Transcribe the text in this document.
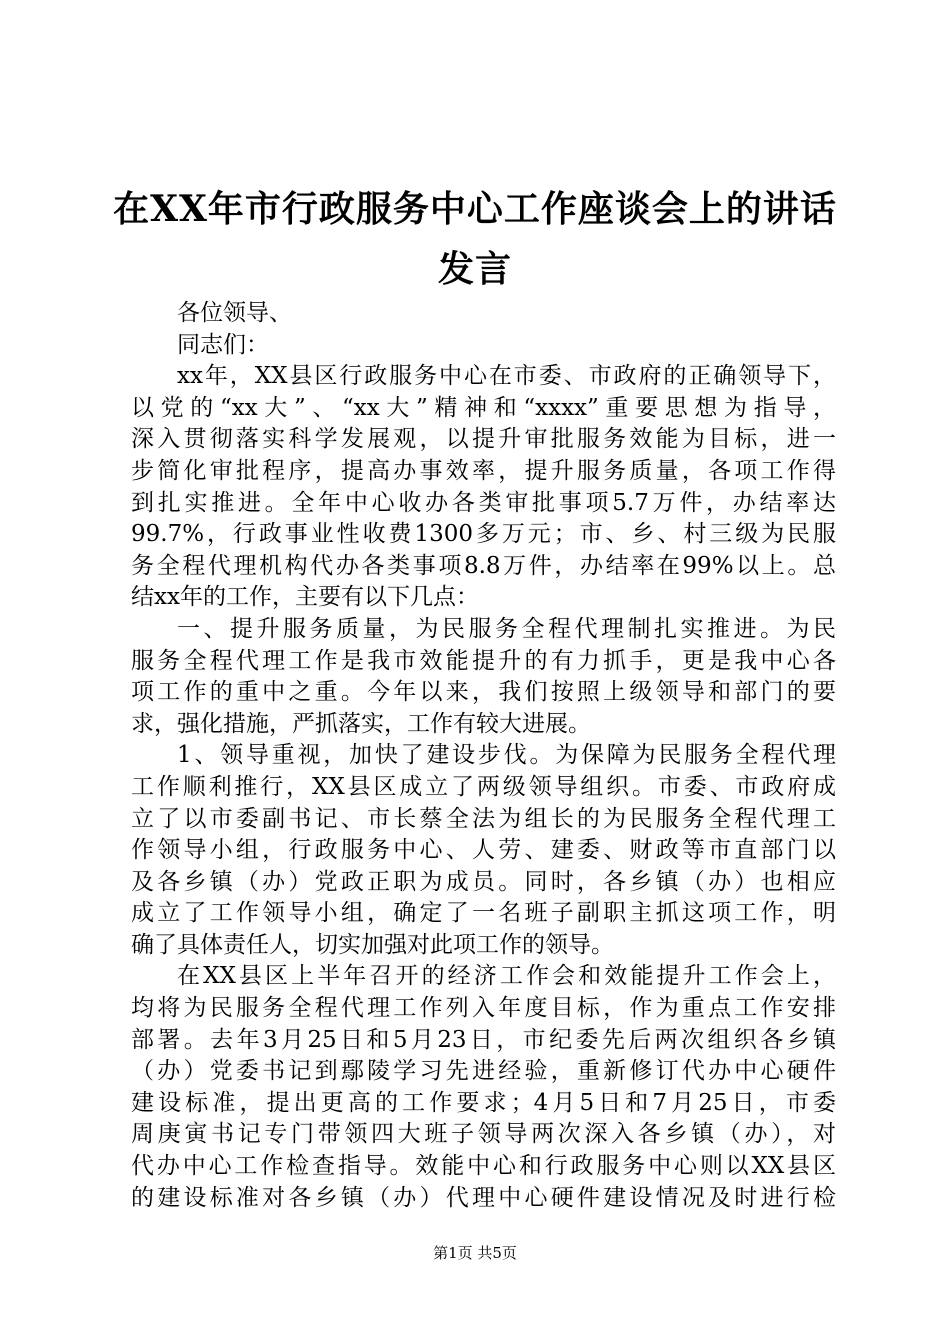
在XX年市行政服务中心工作座谈会上的讲话
发言
各位领导、
同志们：
xx年，XX县区行政服务中心在市委、市政府的正确领导下，
以党的“xx大”、“xx大”精神和“xxxx”重要思想为指导，
深入贯彻落实科学发展观，以提升审批服务效能为目标，进一
步简化审批程序，提高办事效率，提升服务质量，各项工作得
到扎实推进。全年中心收办各类审批事项5.7万件，办结率达
99.7%，行政事业性收费1300多万元；市、乡、村三级为民服
务全程代理机构代办各类事项8.8万件，办结率在99%以上。总
结xx年的工作，主要有以下几点：
一、提升服务质量，为民服务全程代理制扎实推进。为民
服务全程代理工作是我市效能提升的有力抓手，更是我中心各
项工作的重中之重。今年以来，我们按照上级领导和部门的要
求，强化措施，严抓落实，工作有较大进展。
1、领导重视，加快了建设步伐。为保障为民服务全程代理
工作顺利推行，XX县区成立了两级领导组织。市委、市政府成
立了以市委副书记、市长蔡全法为组长的为民服务全程代理工
作领导小组，行政服务中心、人劳、建委、财政等市直部门以
及各乡镇（办）党政正职为成员。同时，各乡镇（办）也相应
成立了工作领导小组，确定了一名班子副职主抓这项工作，明
确了具体责任人，切实加强对此项工作的领导。
在XX县区上半年召开的经济工作会和效能提升工作会上，
均将为民服务全程代理工作列入年度目标，作为重点工作安排
部署。去年3月25日和5月23日，市纪委先后两次组织各乡镇
（办）党委书记到鄢陵学习先进经验，重新修订代办中心硬件
建设标准，提出更高的工作要求；4月5日和7月25日，市委
周庚寅书记专门带领四大班子领导两次深入各乡镇（办），对
代办中心工作检查指导。效能中心和行政服务中心则以XX县区
的建设标准对各乡镇（办）代理中心硬件建设情况及时进行检
第1页 共5页
